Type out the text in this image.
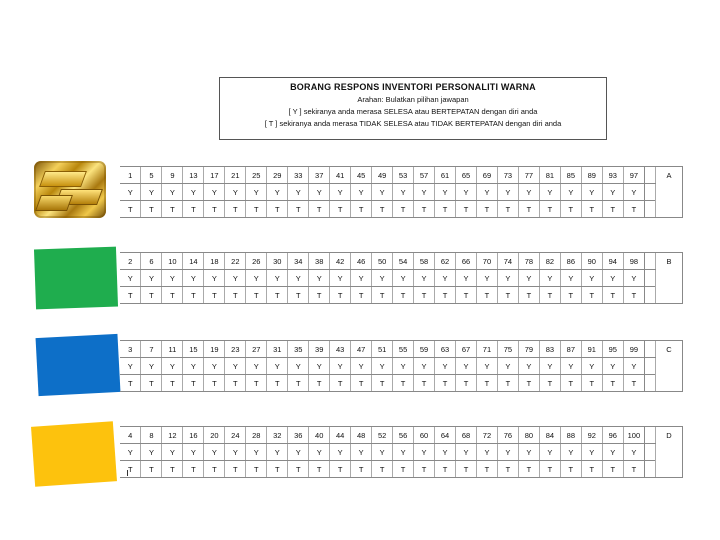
BORANG RESPONS INVENTORI PERSONALITI WARNA
Arahan: Bulatkan pilihan jawapan
[ Y ] sekiranya anda merasa SELESA atau BERTEPATAN dengan diri anda
[ T ] sekiranya anda merasa TIDAK SELESA atau TIDAK BERTEPATAN dengan diri anda
1	5	9	13	17	21	25	29	33	37	41	45	49	53	57	61	65	69	73	77	81	85	89	93	97		A
Y	Y	Y	Y	Y	Y	Y	Y	Y	Y	Y	Y	Y	Y	Y	Y	Y	Y	Y	Y	Y	Y	Y	Y	Y		
T	T	T	T	T	T	T	T	T	T	T	T	T	T	T	T	T	T	T	T	T	T	T	T	T		
2	6	10	14	18	22	26	30	34	38	42	46	50	54	58	62	66	70	74	78	82	86	90	94	98		B
Y	Y	Y	Y	Y	Y	Y	Y	Y	Y	Y	Y	Y	Y	Y	Y	Y	Y	Y	Y	Y	Y	Y	Y	Y		
T	T	T	T	T	T	T	T	T	T	T	T	T	T	T	T	T	T	T	T	T	T	T	T	T		
3	7	11	15	19	23	27	31	35	39	43	47	51	55	59	63	67	71	75	79	83	87	91	95	99		C
Y	Y	Y	Y	Y	Y	Y	Y	Y	Y	Y	Y	Y	Y	Y	Y	Y	Y	Y	Y	Y	Y	Y	Y	Y		
T	T	T	T	T	T	T	T	T	T	T	T	T	T	T	T	T	T	T	T	T	T	T	T	T		
4	8	12	16	20	24	28	32	36	40	44	48	52	56	60	64	68	72	76	80	84	88	92	96	100		D
Y	Y	Y	Y	Y	Y	Y	Y	Y	Y	Y	Y	Y	Y	Y	Y	Y	Y	Y	Y	Y	Y	Y	Y	Y		
T	T	T	T	T	T	T	T	T	T	T	T	T	T	T	T	T	T	T	T	T	T	T	T	T		
